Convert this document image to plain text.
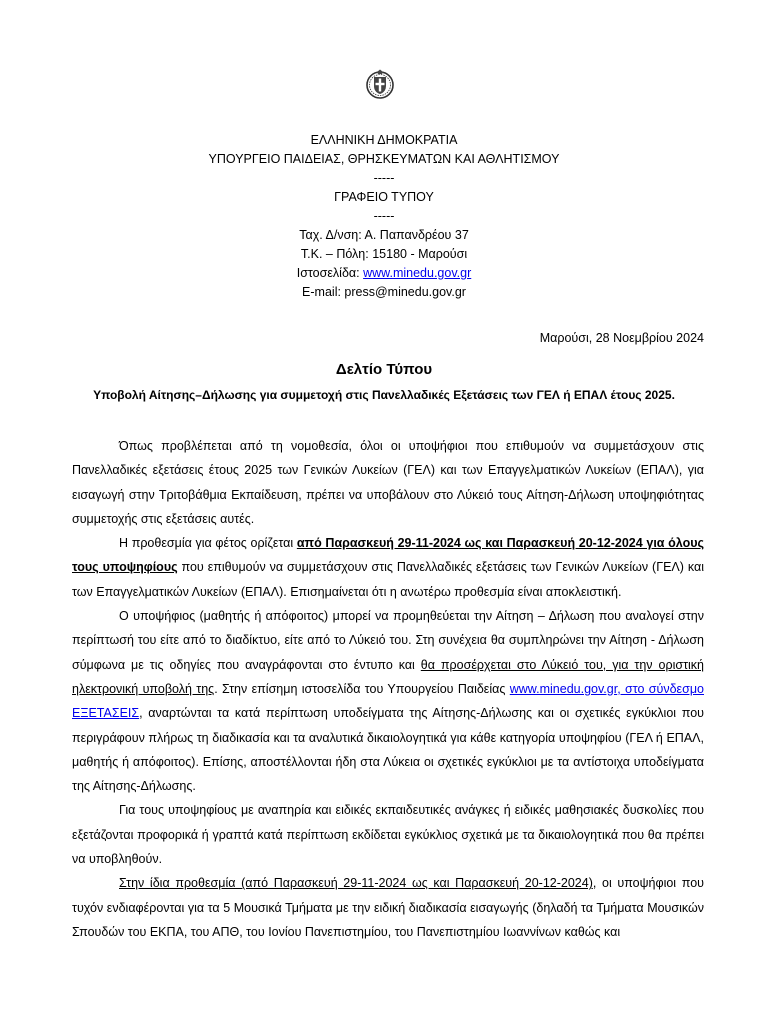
ΕΛΛΗΝΙΚΗ ΔΗΜΟΚΡΑΤΙΑ
ΥΠΟΥΡΓΕΙΟ ΠΑΙΔΕΙΑΣ, ΘΡΗΣΚΕΥΜΑΤΩΝ ΚΑΙ ΑΘΛΗΤΙΣΜΟΥ
-----
ΓΡΑΦΕΙΟ ΤΥΠΟΥ
-----
Ταχ. Δ/νση: Α. Παπανδρέου 37
Τ.Κ. – Πόλη: 15180 - Μαρούσι
Ιστοσελίδα: www.minedu.gov.gr
E-mail: press@minedu.gov.gr
Μαρούσι, 28 Νοεμβρίου 2024
Δελτίο Τύπου
Υποβολή Αίτησης–Δήλωσης για συμμετοχή στις Πανελλαδικές Εξετάσεις των ΓΕΛ ή ΕΠΑΛ έτους 2025.

Όπως προβλέπεται από τη νομοθεσία, όλοι οι υποψήφιοι που επιθυμούν να συμμετάσχουν στις Πανελλαδικές εξετάσεις έτους 2025 των Γενικών Λυκείων (ΓΕΛ) και των Επαγγελματικών Λυκείων (ΕΠΑΛ), για εισαγωγή στην Τριτοβάθμια Εκπαίδευση, πρέπει να υποβάλουν στο Λύκειό τους Αίτηση-Δήλωση υποψηφιότητας συμμετοχής στις εξετάσεις αυτές.

Η προθεσμία για φέτος ορίζεται από Παρασκευή 29-11-2024 ως και Παρασκευή 20-12-2024 για όλους τους υποψηφίους που επιθυμούν να συμμετάσχουν στις Πανελλαδικές εξετάσεις των Γενικών Λυκείων (ΓΕΛ) και των Επαγγελματικών Λυκείων (ΕΠΑΛ). Επισημαίνεται ότι η ανωτέρω προθεσμία είναι αποκλειστική.

Ο υποψήφιος (μαθητής ή απόφοιτος) μπορεί να προμηθεύεται την Αίτηση – Δήλωση που αναλογεί στην περίπτωσή του είτε από το διαδίκτυο, είτε από το Λύκειό του. Στη συνέχεια θα συμπληρώνει την Αίτηση - Δήλωση σύμφωνα με τις οδηγίες που αναγράφονται στο έντυπο και θα προσέρχεται στο Λύκειό του, για την οριστική ηλεκτρονική υποβολή της. Στην επίσημη ιστοσελίδα του Υπουργείου Παιδείας www.minedu.gov.gr, στο σύνδεσμο ΕΞΕΤΑΣΕΙΣ, αναρτώνται τα κατά περίπτωση υποδείγματα της Αίτησης-Δήλωσης και οι σχετικές εγκύκλιοι που περιγράφουν πλήρως τη διαδικασία και τα αναλυτικά δικαιολογητικά για κάθε κατηγορία υποψηφίου (ΓΕΛ ή ΕΠΑΛ, μαθητής ή απόφοιτος). Επίσης, αποστέλλονται ήδη στα Λύκεια οι σχετικές εγκύκλιοι με τα αντίστοιχα υποδείγματα της Αίτησης-Δήλωσης.

Για τους υποψηφίους με αναπηρία και ειδικές εκπαιδευτικές ανάγκες ή ειδικές μαθησιακές δυσκολίες που εξετάζονται προφορικά ή γραπτά κατά περίπτωση εκδίδεται εγκύκλιος σχετικά με τα δικαιολογητικά που θα πρέπει να υποβληθούν.

Στην ίδια προθεσμία (από Παρασκευή 29-11-2024 ως και Παρασκευή 20-12-2024), οι υποψήφιοι που τυχόν ενδιαφέρονται για τα 5 Μουσικά Τμήματα με την ειδική διαδικασία εισαγωγής (δηλαδή τα Τμήματα Μουσικών Σπουδών του ΕΚΠΑ, του ΑΠΘ, του Ιονίου Πανεπιστημίου, του Πανεπιστημίου Ιωαννίνων καθώς και
